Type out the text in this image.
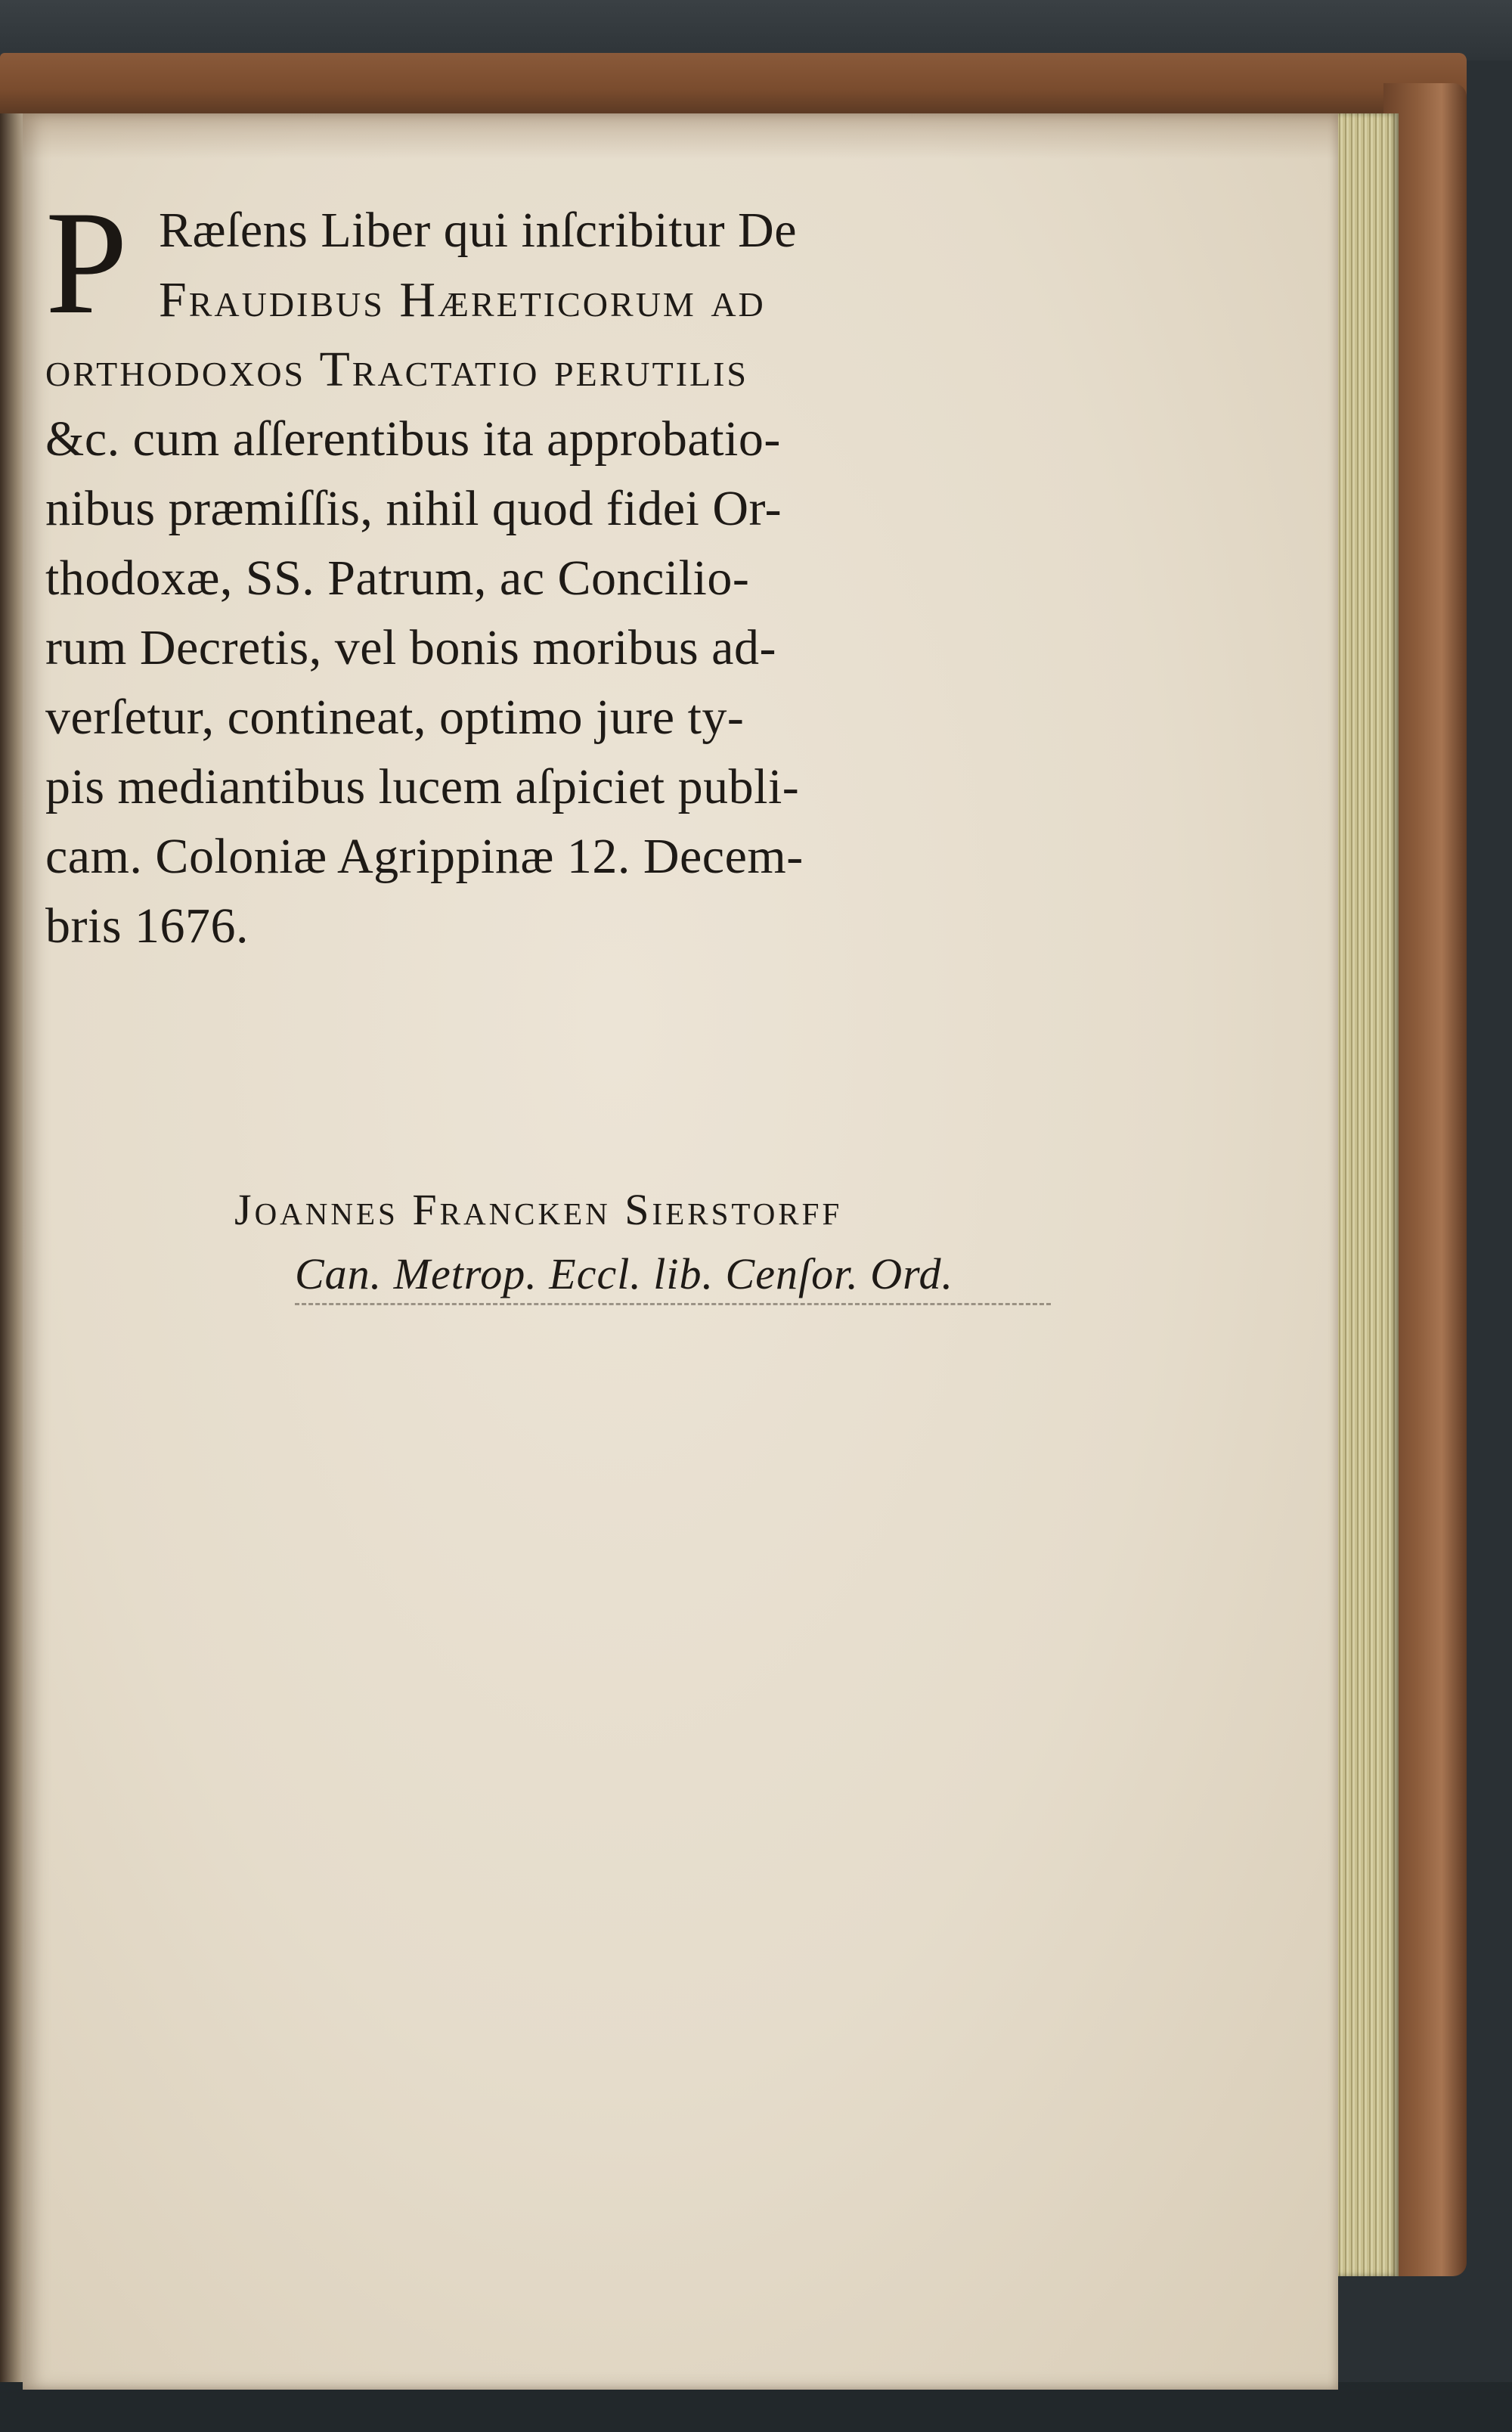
P Ræſens Liber qui inſcribitur De
Fraudibus Hæreticorum ad
orthodoxos Tractatio perutilis
&c. cum aſſerentibus ita approbatio-
nibus præmiſſis, nihil quod fidei Or-
thodoxæ, SS. Patrum, ac Concilio-
rum Decretis, vel bonis moribus ad-
verſetur, contineat, optimo jure ty-
pis mediantibus lucem aſpiciet publi-
cam. Coloniæ Agrippinæ 12. Decem-
bris 1676.
Joannes Francken Sierstorff
Can. Metrop. Eccl. lib. Cenſor. Ord.
